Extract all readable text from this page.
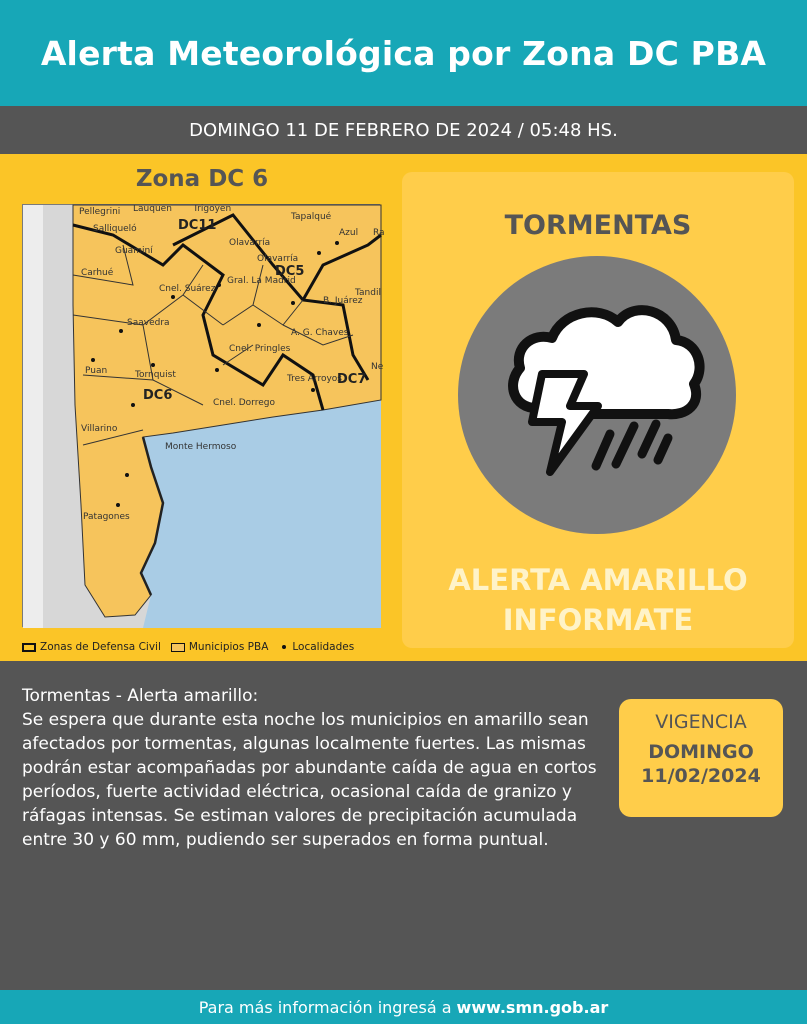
Alerta Meteorológica por Zona DC PBA
DOMINGO 11 DE FEBRERO DE 2024 / 05:48 HS.
Zona DC 6
DC11
DC5
DC6
DC7
Pellegrini Lauquen Trigoyen
Tapalqué
Salliqueló
Guaminí
Olavarría
Olavarría
Azul Ra
Carhué
Gral. La Madrid
Cnel. Suárez
B. Juárez
Tandil
Saavedra
A. G. Chaves
Cnel. Pringles
Ne
Puan	Tornquist	Tres Arroyos
Cnel. Dorrego
Villarino
Monte Hermoso
Patagones
Zonas de Defensa Civil	Municipios PBA Localidades
TORMENTAS
ALERTA AMARILLO
INFORMATE

Tormentas - Alerta amarillo:

Se espera que durante esta noche los municipios en amarillo sean afectados por tormentas, algunas localmente fuertes. Las mismas podrán estar acompañadas por abundante caída de agua en cortos períodos, fuerte actividad eléctrica, ocasional caída de granizo y ráfagas intensas. Se estiman valores de precipitación acumulada entre 30 y 60 mm, pudiendo ser superados en forma puntual.

VIGENCIA
DOMINGO
11/02/2024
Para más información ingresá a www.smn.gob.ar
